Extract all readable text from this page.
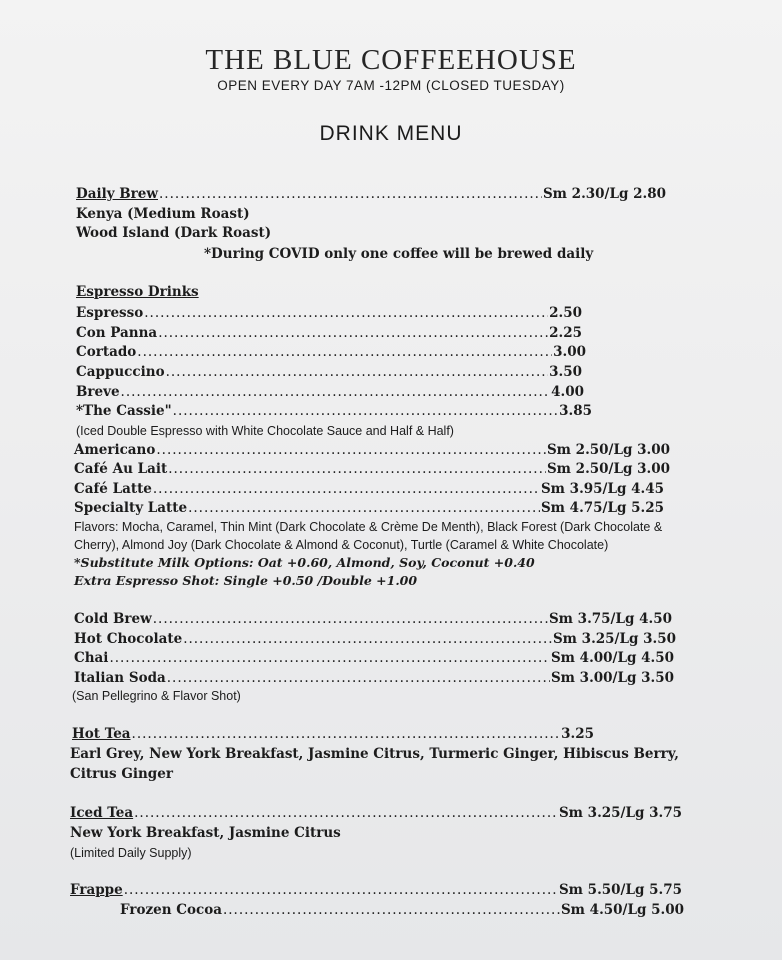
THE BLUE COFFEEHOUSE
OPEN EVERY DAY 7AM -12PM (CLOSED TUESDAY)
DRINK MENU
Daily Brew .....	Sm 2.30/Lg 2.80
Kenya (Medium Roast)
Wood Island (Dark Roast)
*During COVID only one coffee will be brewed daily
Espresso Drinks
Espresso .....	2.50
Con Panna .....	2.25
Cortado .....	3.00
Cappuccino .....	3.50
Breve .....	4.00
*The Cassie" .....	3.85
(Iced Double Espresso with White Chocolate Sauce and Half & Half)
Americano .....	Sm 2.50/Lg 3.00
Café Au Lait .....	Sm 2.50/Lg 3.00
Café Latte .....	Sm 3.95/Lg 4.45
Specialty Latte .....	Sm 4.75/Lg 5.25
Flavors: Mocha, Caramel, Thin Mint (Dark Chocolate & Crème De Menth), Black Forest (Dark Chocolate &
Cherry), Almond Joy (Dark Chocolate & Almond & Coconut), Turtle (Caramel & White Chocolate)
*Substitute Milk Options: Oat +0.60, Almond, Soy, Coconut +0.40
Extra Espresso Shot: Single +0.50 /Double +1.00
Cold Brew .....	Sm 3.75/Lg 4.50
Hot Chocolate .....	Sm 3.25/Lg 3.50
Chai .....	Sm 4.00/Lg 4.50
Italian Soda .....	Sm 3.00/Lg 3.50
(San Pellegrino & Flavor Shot)
Hot Tea .....	3.25
Earl Grey, New York Breakfast, Jasmine Citrus, Turmeric Ginger, Hibiscus Berry,
Citrus Ginger
Iced Tea .....	Sm 3.25/Lg 3.75
New York Breakfast, Jasmine Citrus
(Limited Daily Supply)
Frappe .....	Sm 5.50/Lg 5.75
Frozen Cocoa .....	Sm 4.50/Lg 5.00
